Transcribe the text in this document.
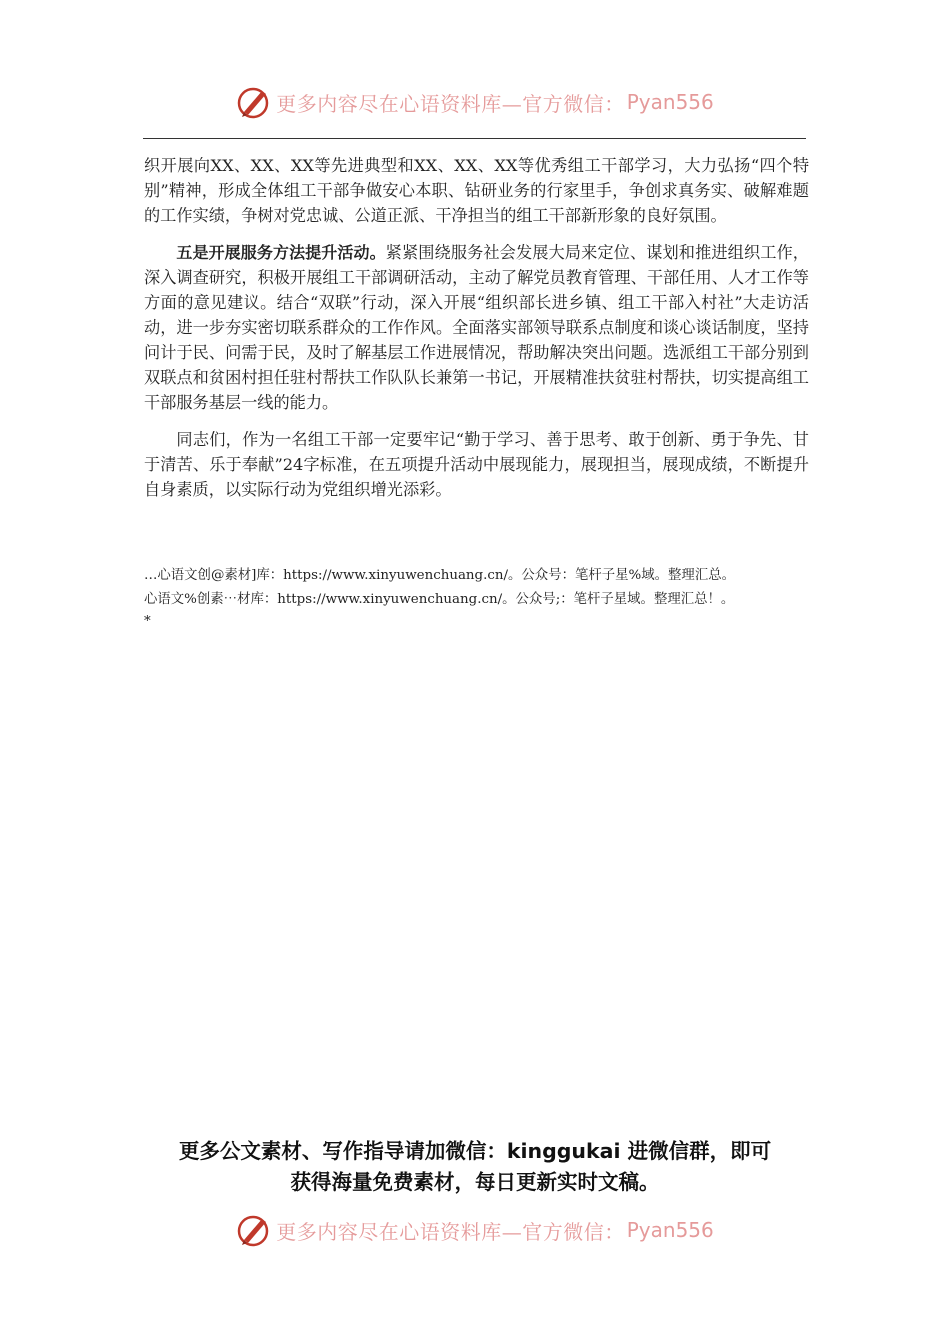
更多内容尽在心语资料库—官方微信： Pyan556

织开展向XX、XX、XX等先进典型和XX、XX、XX等优秀组工干部学习，大力弘扬“四个特别”精神，形成全体组工干部争做安心本职、钻研业务的行家里手，争创求真务实、破解难题的工作实绩，争树对党忠诚、公道正派、干净担当的组工干部新形象的良好氛围。

五是开展服务方法提升活动。紧紧围绕服务社会发展大局来定位、谋划和推进组织工作，深入调查研究，积极开展组工干部调研活动，主动了解党员教育管理、干部任用、人才工作等方面的意见建议。结合“双联”行动，深入开展“组织部长进乡镇、组工干部入村社”大走访活动，进一步夯实密切联系群众的工作作风。全面落实部领导联系点制度和谈心谈话制度，坚持问计于民、问需于民，及时了解基层工作进展情况，帮助解决突出问题。选派组工干部分别到双联点和贫困村担任驻村帮扶工作队队长兼第一书记，开展精准扶贫驻村帮扶，切实提高组工干部服务基层一线的能力。

同志们，作为一名组工干部一定要牢记“勤于学习、善于思考、敢于创新、勇于争先、甘于清苦、乐于奉献”24字标准，在五项提升活动中展现能力，展现担当，展现成绩，不断提升自身素质，以实际行动为党组织增光添彩。

…心语文创@素材]库：https://www.xinyuwenchuang.cn/。公众号：笔杆子星%域。整理汇总。
心语文%创素⋯材库：https://www.xinyuwenchuang.cn/。公众号;：笔杆子星域。整理汇总！。
*
更多公文素材、写作指导请加微信：kinggukai 进微信群，即可
获得海量免费素材，每日更新实时文稿。
更多内容尽在心语资料库—官方微信： Pyan556
